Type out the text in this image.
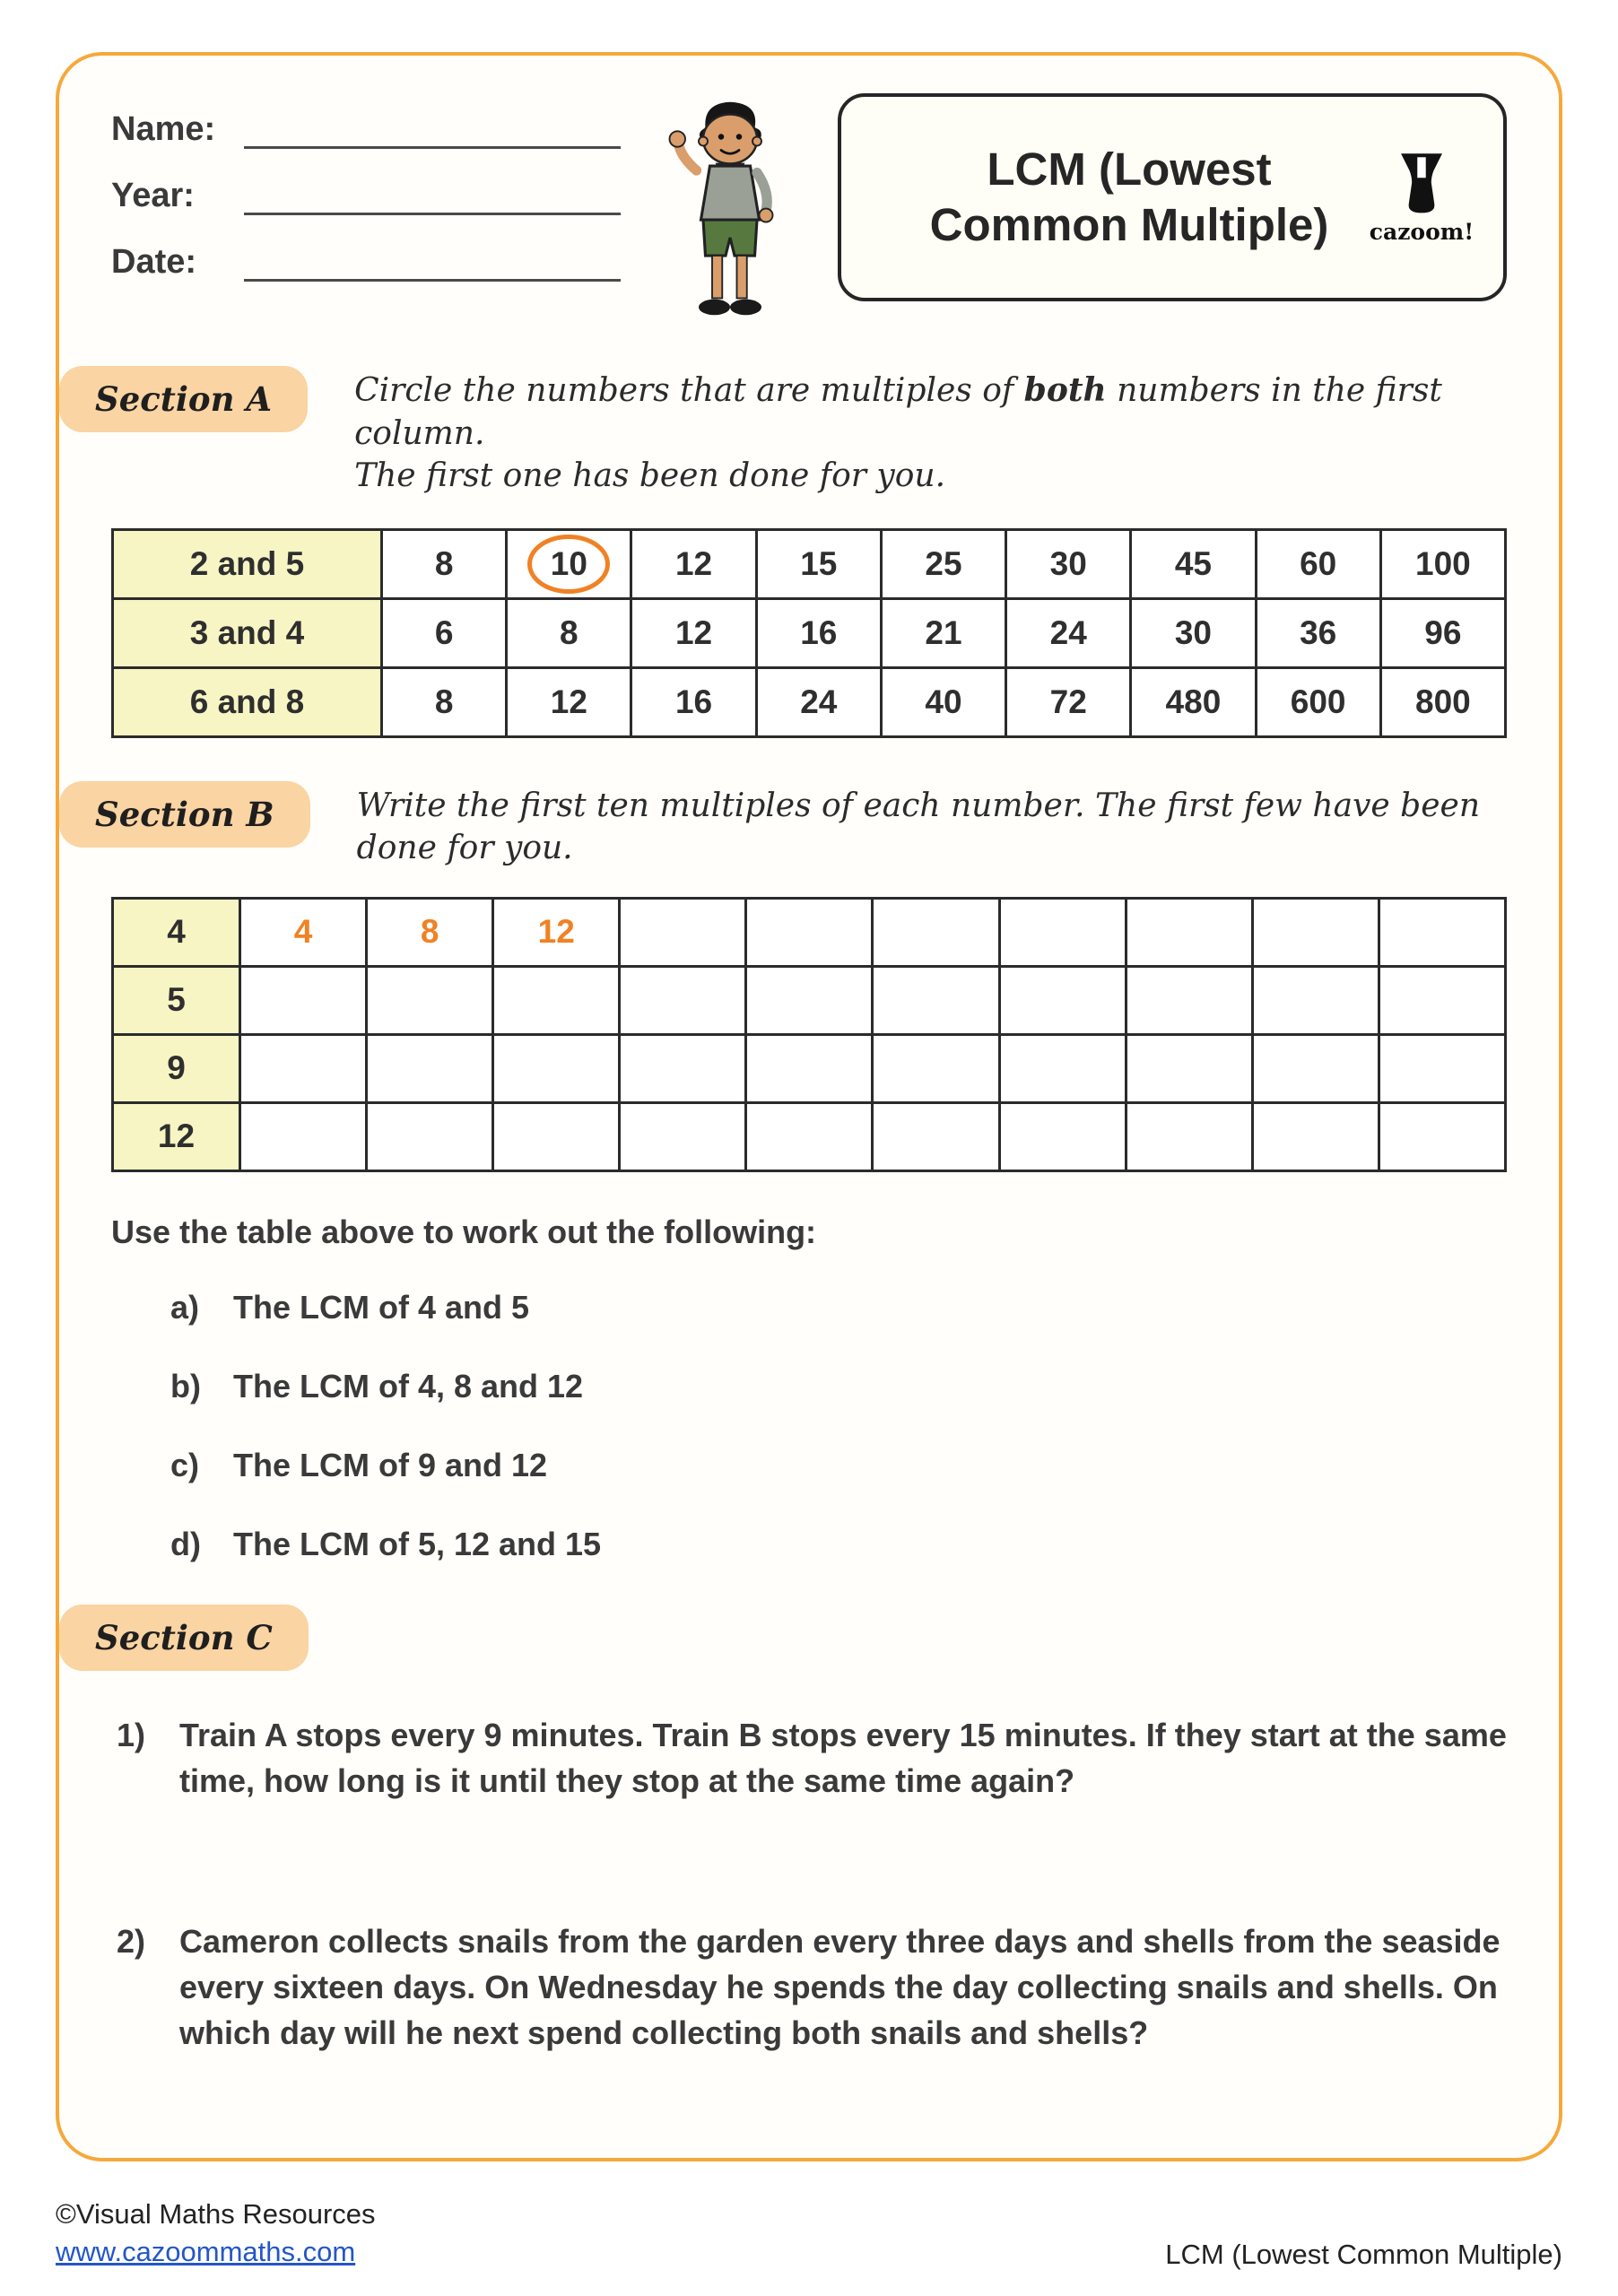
Name:
Year:
Date:
LCM (Lowest
Common Multiple)	cazoom!
Section A	Circle the numbers that are multiples of both numbers in the first column.
The first one has been done for you.
2 and 5	8	10	12	15	25	30	45	60	100
3 and 4	6	8	12	16	21	24	30	36	96
6 and 8	8	12	16	24	40	72	480	600	800
Section B	Write the first ten multiples of each number. The first few have been done for you.
4	4	8	12							
5										
9										
12										
Use the table above to work out the following:
a)	The LCM of 4 and 5
b)	The LCM of 4, 8 and 12
c)	The LCM of 9 and 12
d)	The LCM of 5, 12 and 15
Section C
1)	Train A stops every 9 minutes. Train B stops every 15 minutes. If they start at the same time, how long is it until they stop at the same time again?
2)	Cameron collects snails from the garden every three days and shells from the seaside every sixteen days. On Wednesday he spends the day collecting snails and shells. On which day will he next spend collecting both snails and shells?
©Visual Maths Resources
www.cazoommaths.com	LCM (Lowest Common Multiple)
